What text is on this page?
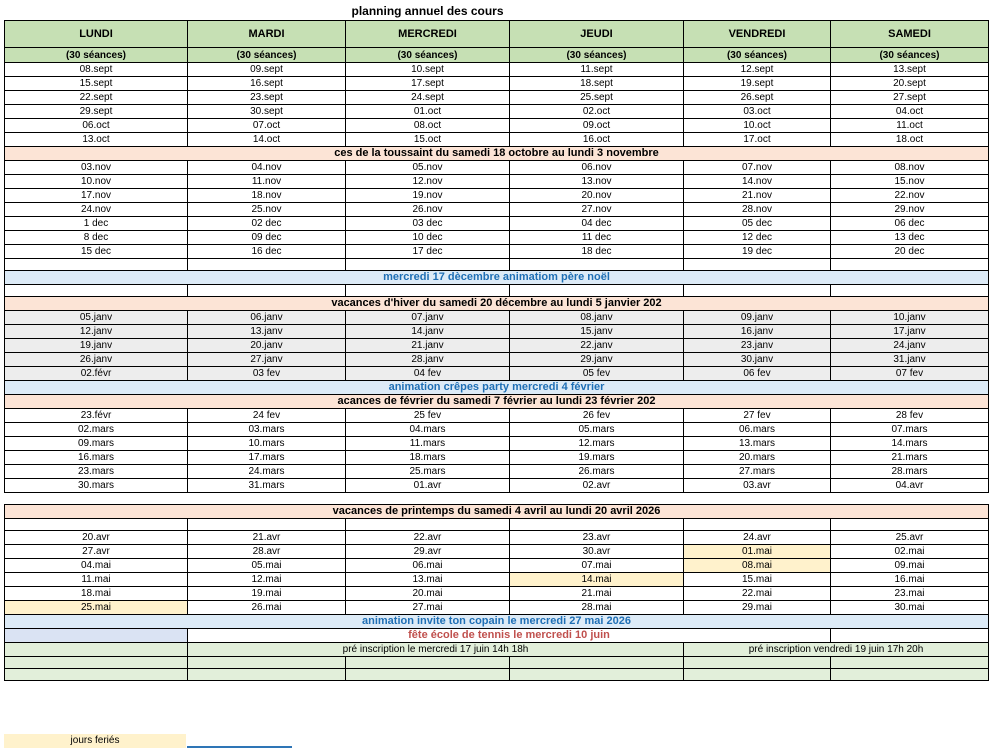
planning annuel des cours
LUNDI	MARDI	MERCREDI	JEUDI	VENDREDI	SAMEDI
(30 séances)	(30 séances)	(30 séances)	(30 séances)	(30 séances)	(30 séances)
08.sept	09.sept	10.sept	11.sept	12.sept	13.sept
15.sept	16.sept	17.sept	18.sept	19.sept	20.sept
22.sept	23.sept	24.sept	25.sept	26.sept	27.sept
29.sept	30.sept	01.oct	02.oct	03.oct	04.oct
06.oct	07.oct	08.oct	09.oct	10.oct	11.oct
13.oct	14.oct	15.oct	16.oct	17.oct	18.oct
ces de la toussaint du samedi 18 octobre au lundi 3 novembre					
03.nov	04.nov	05.nov	06.nov	07.nov	08.nov
10.nov	11.nov	12.nov	13.nov	14.nov	15.nov
17.nov	18.nov	19.nov	20.nov	21.nov	22.nov
24.nov	25.nov	26.nov	27.nov	28.nov	29.nov
1 dec	02 dec	03 dec	04 dec	05 dec	06 dec
8 dec	09 dec	10 dec	11 dec	12 dec	13 dec
15 dec	16 dec	17 dec	18 dec	19 dec	20 dec

mercredi 17 dècembre animatiom père noël					

vacances d'hiver du samedi 20 décembre au lundi 5 janvier 202					
05.janv	06.janv	07.janv	08.janv	09.janv	10.janv
12.janv	13.janv	14.janv	15.janv	16.janv	17.janv
19.janv	20.janv	21.janv	22.janv	23.janv	24.janv
26.janv	27.janv	28.janv	29.janv	30.janv	31.janv
02.févr	03 fev	04 fev	05 fev	06 fev	07 fev
animation crêpes party mercredi 4 février					
acances de février du samedi 7 février au lundi 23 février 202					
23.févr	24 fev	25 fev	26 fev	27 fev	28 fev
02.mars	03.mars	04.mars	05.mars	06.mars	07.mars
09.mars	10.mars	11.mars	12.mars	13.mars	14.mars
16.mars	17.mars	18.mars	19.mars	20.mars	21.mars
23.mars	24.mars	25.mars	26.mars	27.mars	28.mars
30.mars	31.mars	01.avr	02.avr	03.avr	04.avr

vacances de printemps du samedi 4 avril au lundi 20 avril 2026					

20.avr	21.avr	22.avr	23.avr	24.avr	25.avr
27.avr	28.avr	29.avr	30.avr	01.mai	02.mai
04.mai	05.mai	06.mai	07.mai	08.mai	09.mai
11.mai	12.mai	13.mai	14.mai	15.mai	16.mai
18.mai	19.mai	20.mai	21.mai	22.mai	23.mai
25.mai	26.mai	27.mai	28.mai	29.mai	30.mai
animation invite ton copain le mercredi 27 mai 2026					
	fête école de tennis le mercredi 10 juin				
	pré inscription le mercredi 17 juin 14h 18h			pré inscription vendredi 19 juin 17h 20h	

jours feriés
